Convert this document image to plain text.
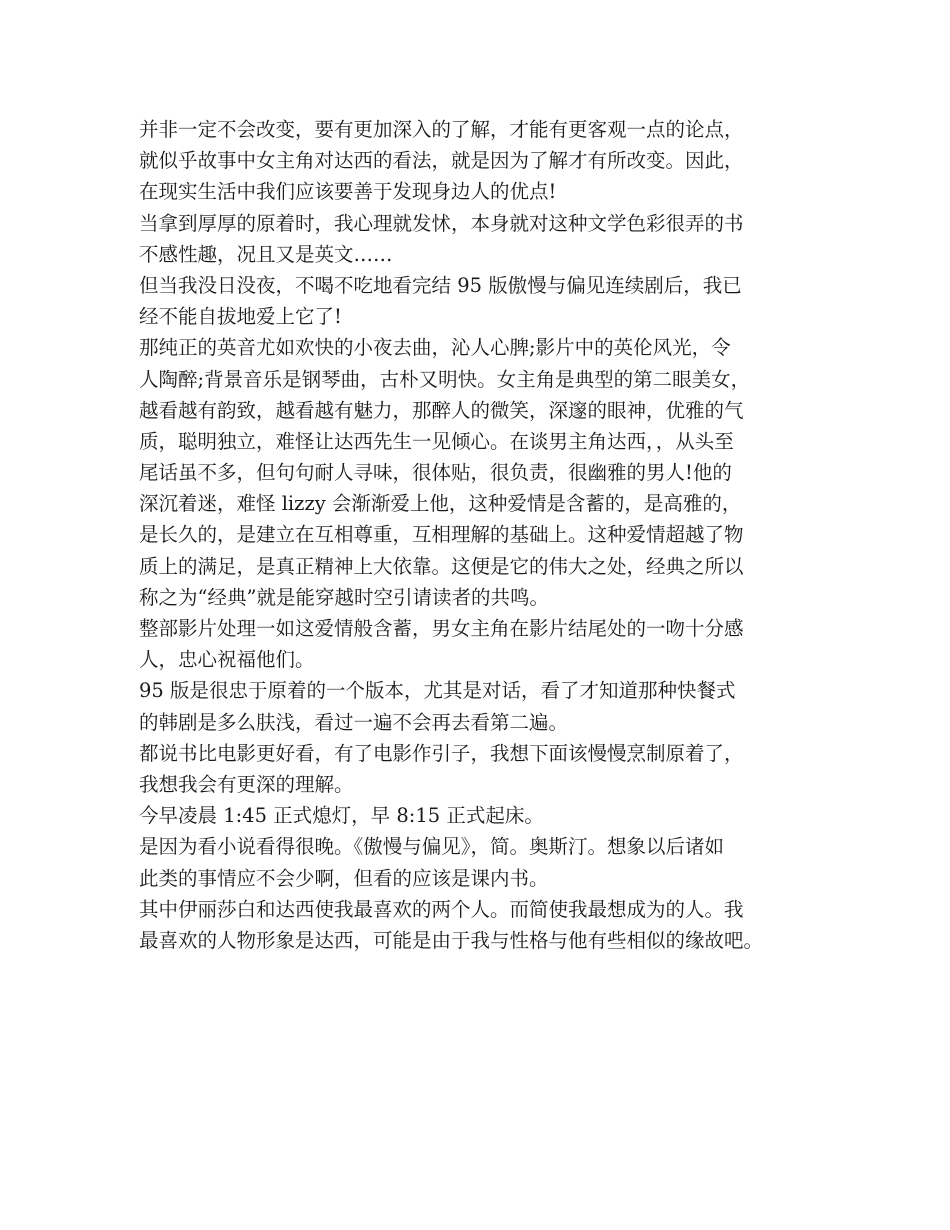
并非一定不会改变，要有更加深入的了解，才能有更客观一点的论点，
就似乎故事中女主角对达西的看法，就是因为了解才有所改变。因此，
在现实生活中我们应该要善于发现身边人的优点!
当拿到厚厚的原着时，我心理就发怵，本身就对这种文学色彩很弄的书
不感性趣，况且又是英文……
但当我没日没夜，不喝不吃地看完结 95 版傲慢与偏见连续剧后，我已
经不能自拔地爱上它了!
那纯正的英音尤如欢快的小夜去曲，沁人心脾;影片中的英伦风光，令
人陶醉;背景音乐是钢琴曲，古朴又明快。女主角是典型的第二眼美女，
越看越有韵致，越看越有魅力，那醉人的微笑，深邃的眼神，优雅的气
质，聪明独立，难怪让达西先生一见倾心。在谈男主角达西，，从头至
尾话虽不多，但句句耐人寻味，很体贴，很负责，很幽雅的男人!他的
深沉着迷，难怪 lizzy 会渐渐爱上他，这种爱情是含蓄的，是高雅的，
是长久的，是建立在互相尊重，互相理解的基础上。这种爱情超越了物
质上的满足，是真正精神上大依靠。这便是它的伟大之处，经典之所以
称之为“经典”就是能穿越时空引请读者的共鸣。
整部影片处理一如这爱情般含蓄，男女主角在影片结尾处的一吻十分感
人，忠心祝福他们。
95 版是很忠于原着的一个版本，尤其是对话，看了才知道那种快餐式
的韩剧是多么肤浅，看过一遍不会再去看第二遍。
都说书比电影更好看，有了电影作引子，我想下面该慢慢烹制原着了，
我想我会有更深的理解。
今早凌晨 1:45 正式熄灯，早 8:15 正式起床。
是因为看小说看得很晚。《傲慢与偏见》，简。奥斯汀。想象以后诸如
此类的事情应不会少啊，但看的应该是课内书。
其中伊丽莎白和达西使我最喜欢的两个人。而简使我最想成为的人。我
最喜欢的人物形象是达西，可能是由于我与性格与他有些相似的缘故吧。
